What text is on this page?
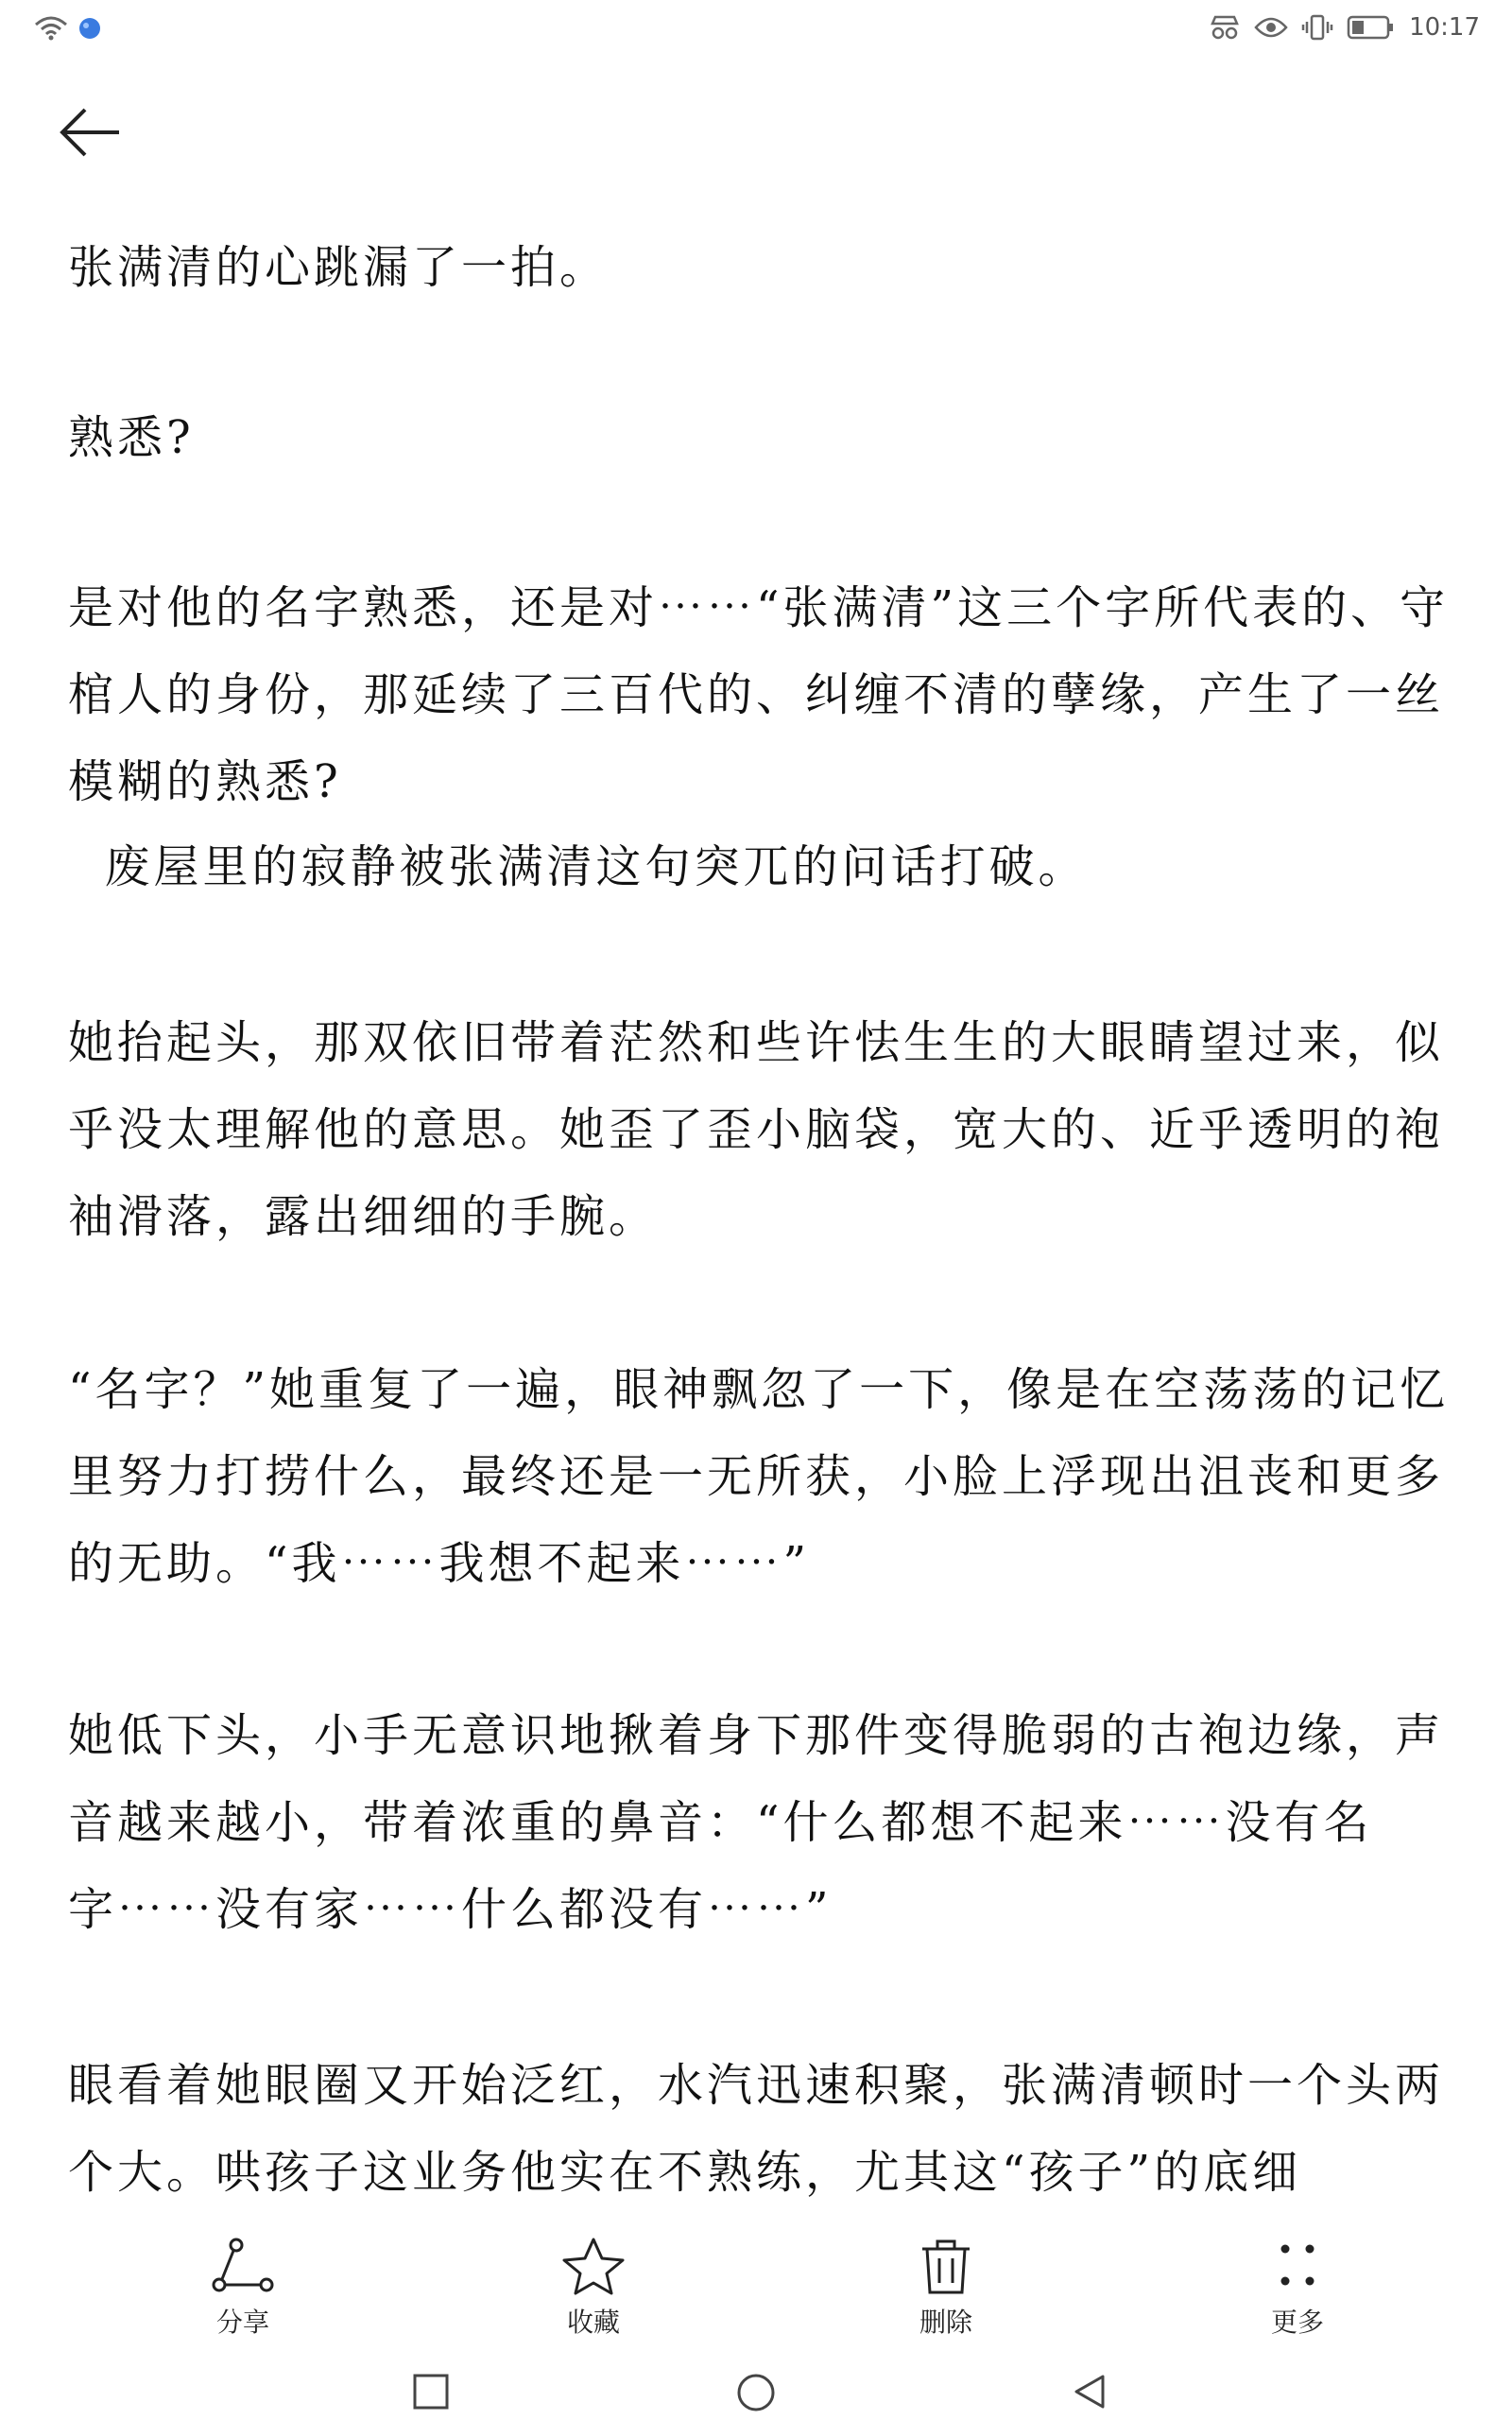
10:17
张满清的心跳漏了一拍。
熟悉?
是对他的名字熟悉，还是对⋯⋯“张满清”这三个字所代表的、守棺人的身份，那延续了三百代的、纠缠不清的孽缘，产生了一丝模糊的熟悉?
废屋里的寂静被张满清这句突兀的问话打破。
她抬起头，那双依旧带着茫然和些许怯生生的大眼睛望过来，似乎没太理解他的意思。她歪了歪小脑袋，宽大的、近乎透明的袍袖滑落，露出细细的手腕。
“名字？”她重复了一遍，眼神飘忽了一下，像是在空荡荡的记忆里努力打捞什么，最终还是一无所获，小脸上浮现出沮丧和更多的无助。“我⋯⋯我想不起来⋯⋯”
她低下头，小手无意识地揪着身下那件变得脆弱的古袍边缘，声音越来越小，带着浓重的鼻音：“什么都想不起来⋯⋯没有名字⋯⋯没有家⋯⋯什么都没有⋯⋯”
眼看着她眼圈又开始泛红，水汽迅速积聚，张满清顿时一个头两个大。哄孩子这业务他实在不熟练，尤其这“孩子”的底细
分享	收藏	删除	更多
